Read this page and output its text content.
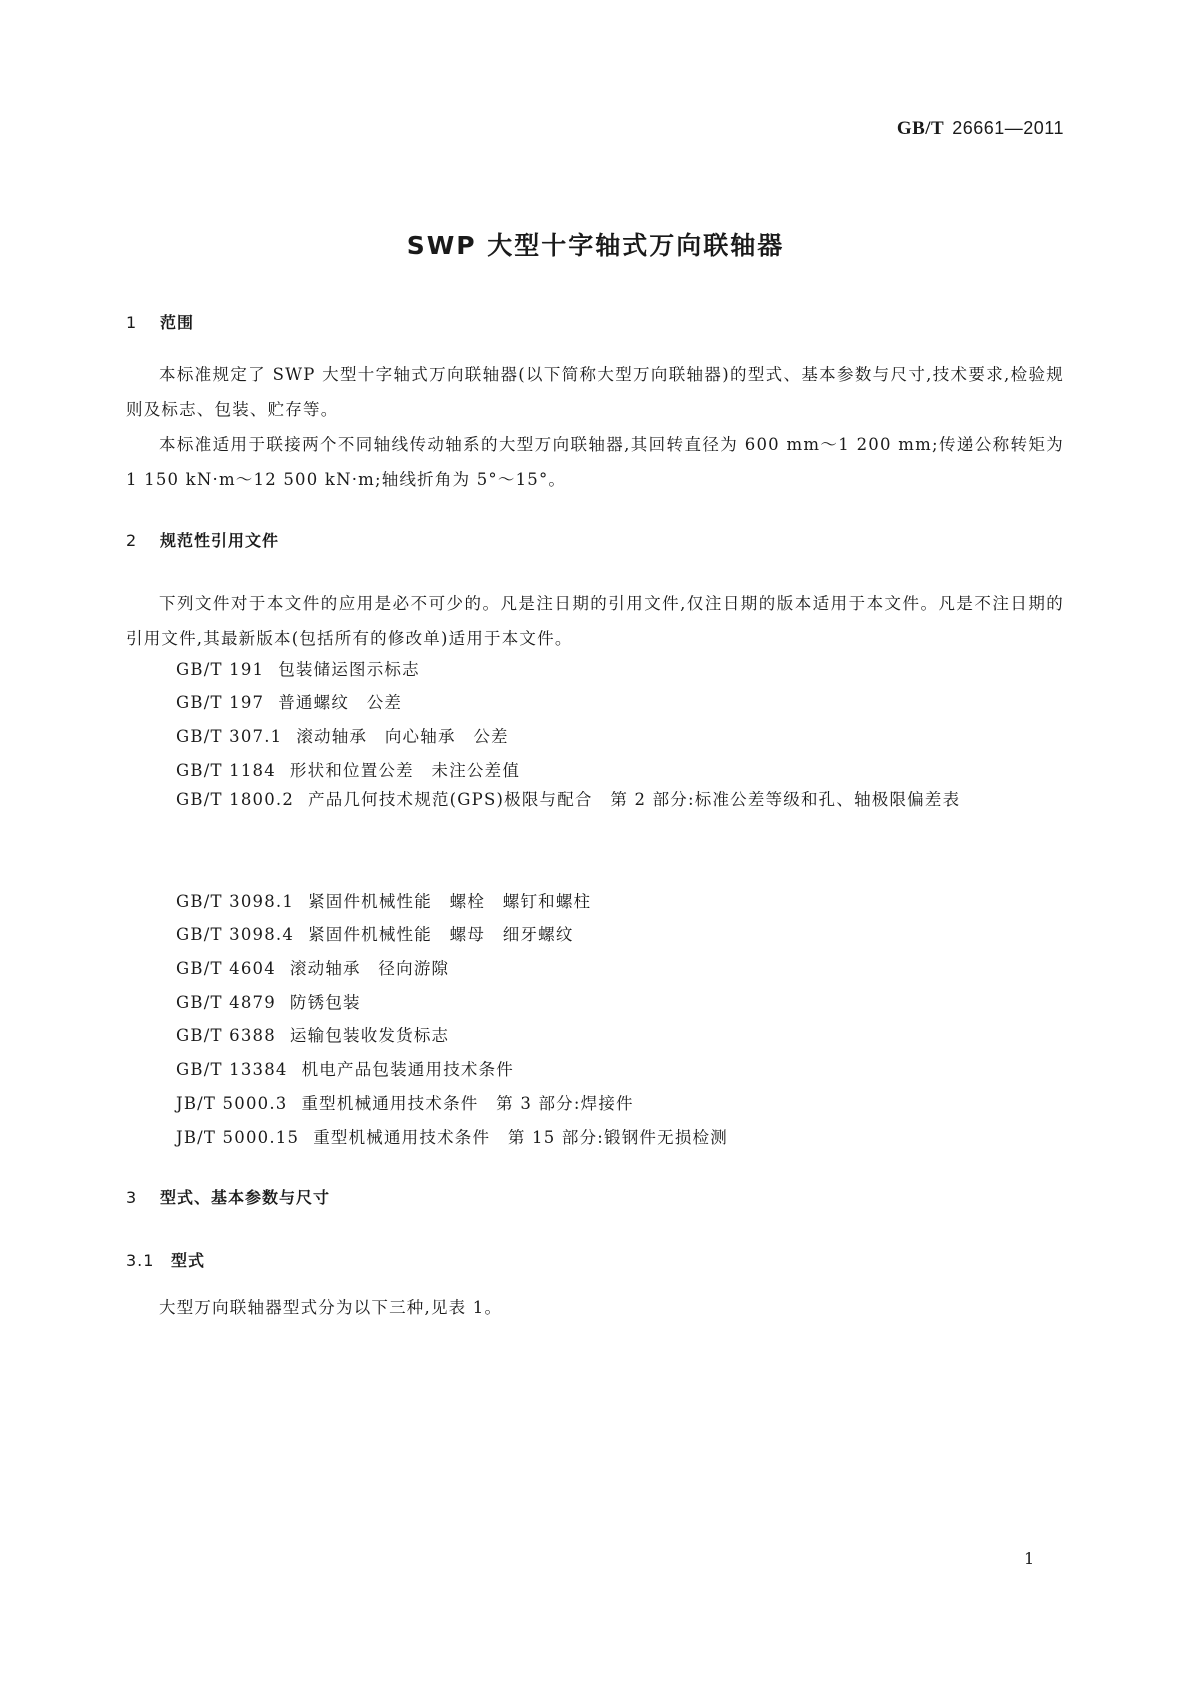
GB/T 26661—2011
SWP 大型十字轴式万向联轴器
1 范围

本标准规定了 SWP 大型十字轴式万向联轴器(以下简称大型万向联轴器)的型式、基本参数与尺寸,技术要求,检验规则及标志、包装、贮存等。

本标准适用于联接两个不同轴线传动轴系的大型万向联轴器,其回转直径为 600 mm～1 200 mm;传递公称转矩为 1 150 kN·m～12 500 kN·m;轴线折角为 5°～15°。

2 规范性引用文件

下列文件对于本文件的应用是必不可少的。凡是注日期的引用文件,仅注日期的版本适用于本文件。凡是不注日期的引用文件,其最新版本(包括所有的修改单)适用于本文件。

GB/T 191 包装储运图示标志
GB/T 197 普通螺纹　公差
GB/T 307.1 滚动轴承　向心轴承　公差
GB/T 1184 形状和位置公差　未注公差值

GB/T 1800.2 产品几何技术规范(GPS)极限与配合　第 2 部分:标准公差等级和孔、轴极限偏差表

GB/T 3098.1 紧固件机械性能　螺栓　螺钉和螺柱
GB/T 3098.4 紧固件机械性能　螺母　细牙螺纹
GB/T 4604 滚动轴承　径向游隙
GB/T 4879 防锈包装
GB/T 6388 运输包装收发货标志
GB/T 13384 机电产品包装通用技术条件
JB/T 5000.3 重型机械通用技术条件　第 3 部分:焊接件
JB/T 5000.15 重型机械通用技术条件　第 15 部分:锻钢件无损检测
3 型式、基本参数与尺寸
3.1 型式

大型万向联轴器型式分为以下三种,见表 1。

1
